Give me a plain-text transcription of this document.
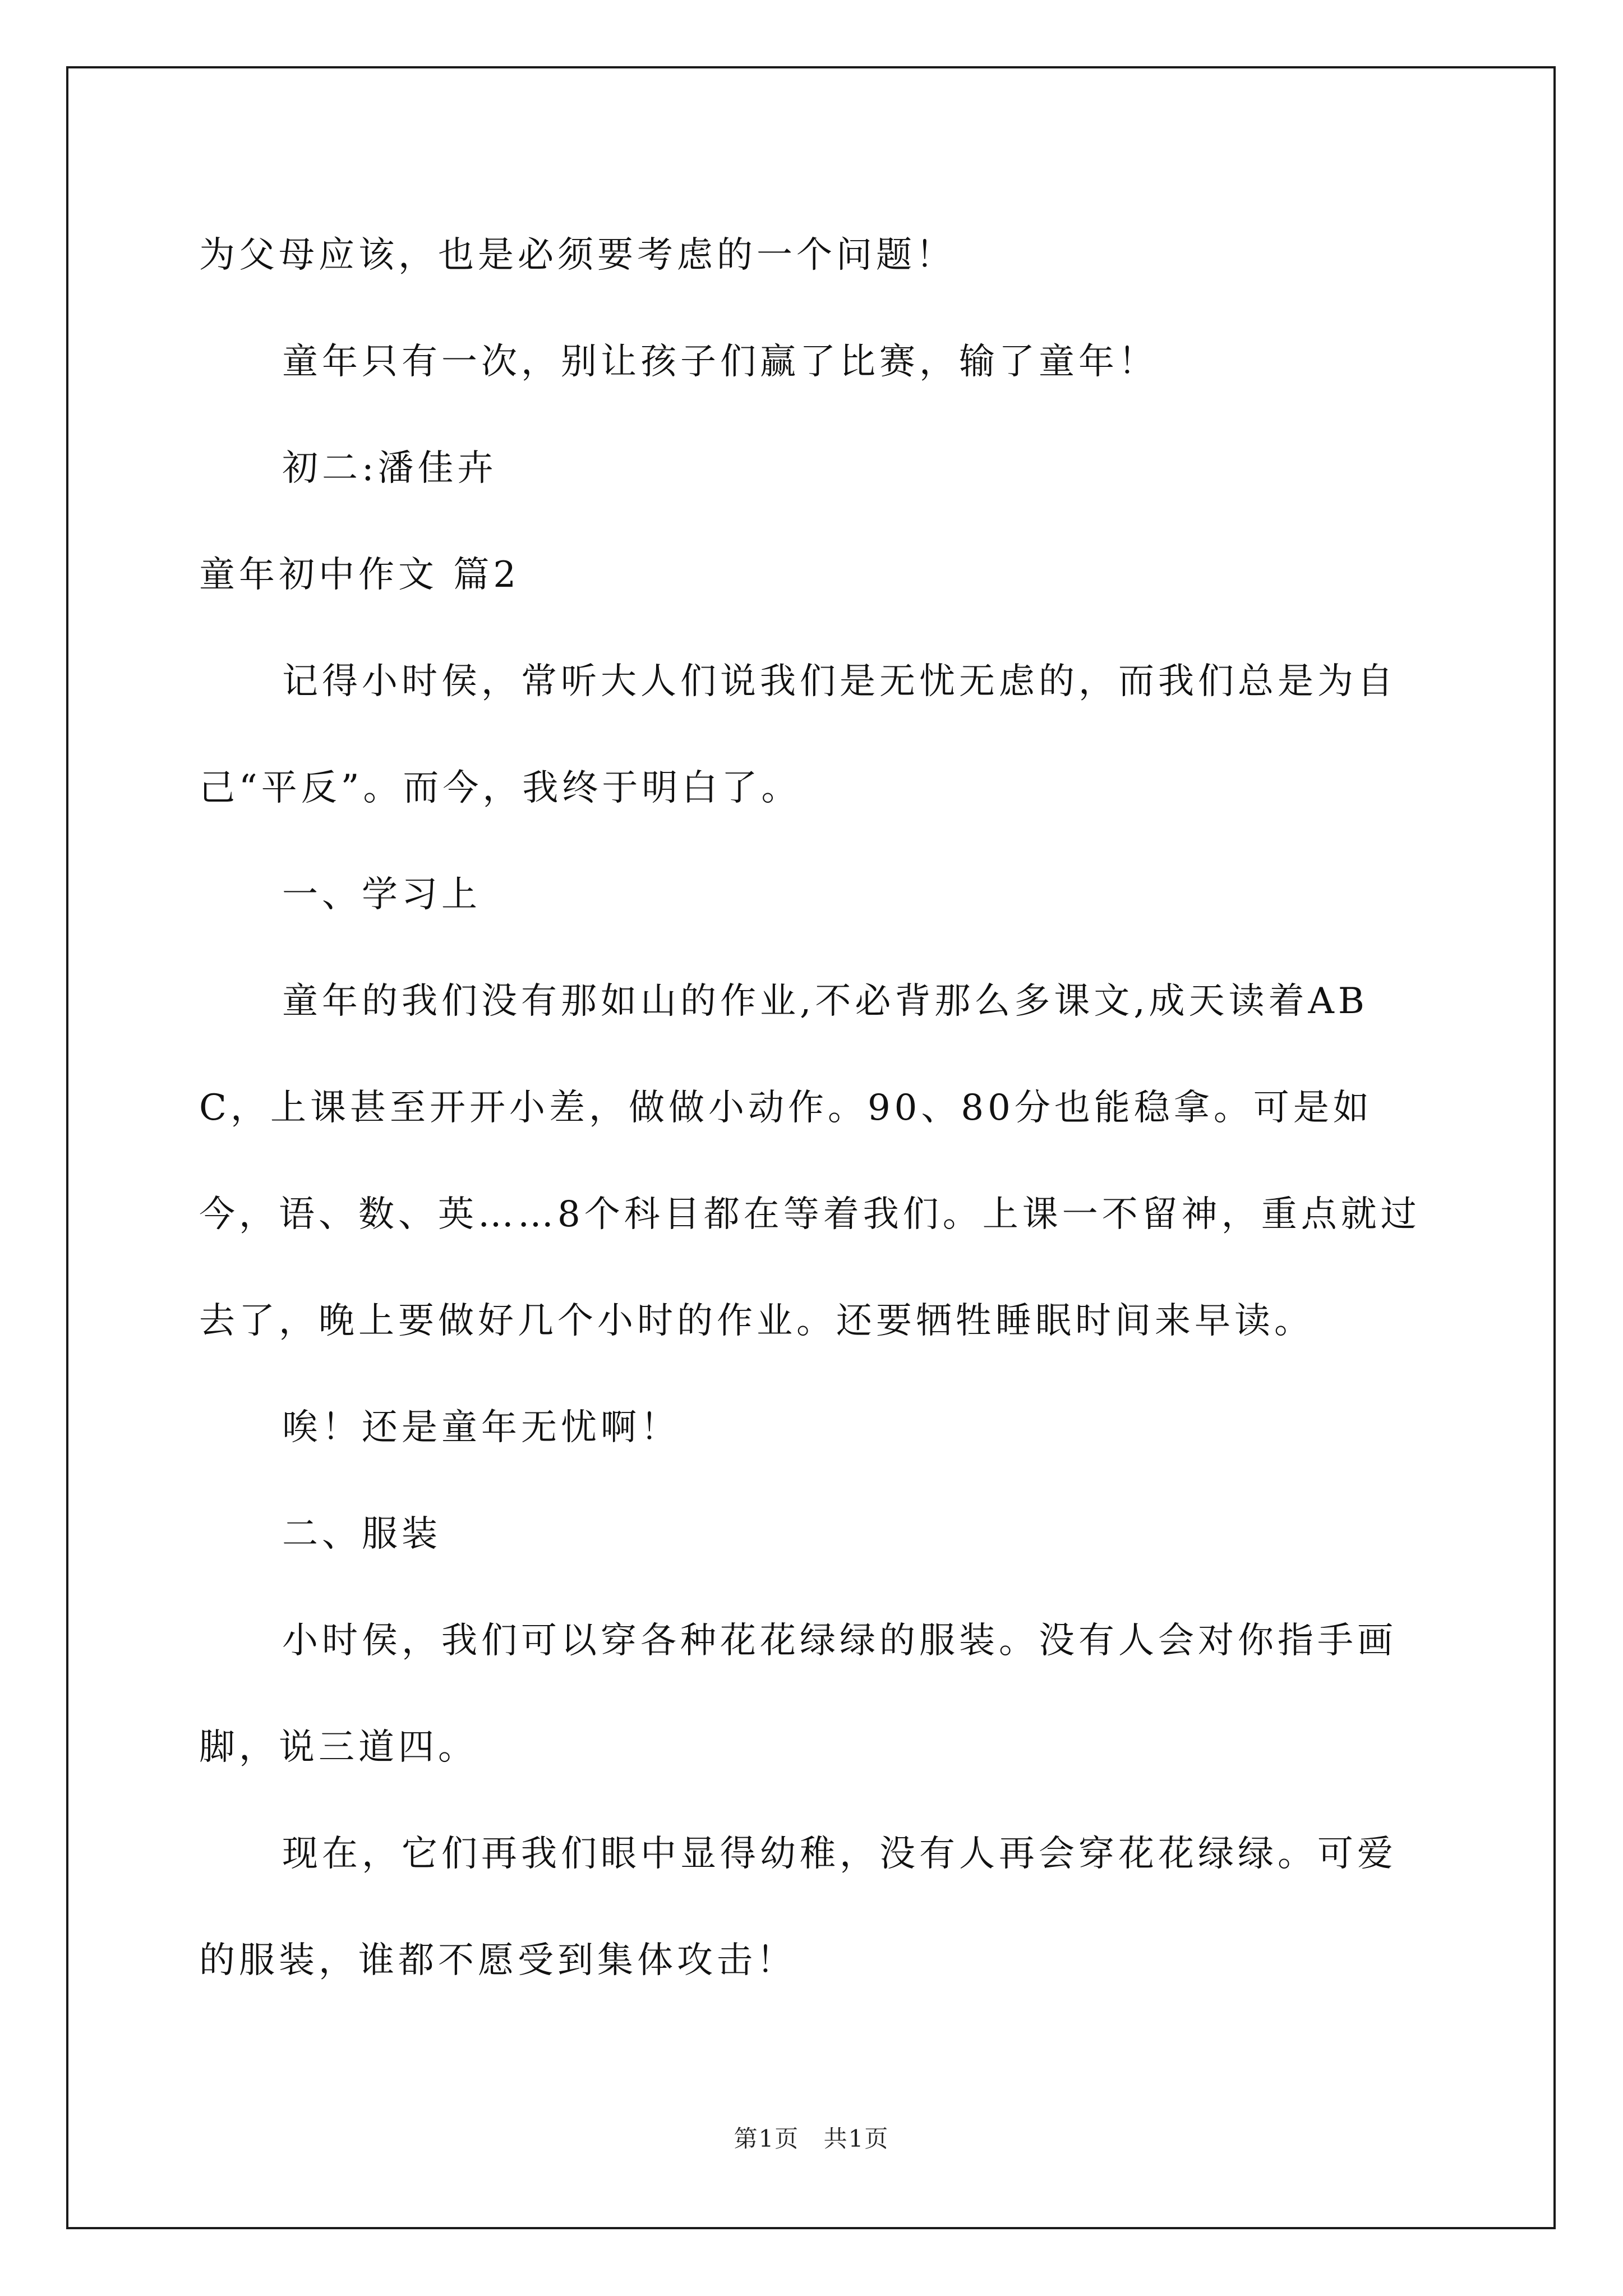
为父母应该，也是必须要考虑的一个问题！

童年只有一次，别让孩子们赢了比赛，输了童年！

初二:潘佳卉

童年初中作文 篇2

记得小时侯，常听大人们说我们是无忧无虑的，而我们总是为自己“平反”。而今，我终于明白了。

一、学习上

童年的我们没有那如山的作业,不必背那么多课文,成天读着ABC，上课甚至开开小差，做做小动作。90、80分也能稳拿。可是如今，语、数、英……8个科目都在等着我们。上课一不留神，重点就过去了，晚上要做好几个小时的作业。还要牺牲睡眠时间来早读。

唉！还是童年无忧啊！

二、服装

小时侯，我们可以穿各种花花绿绿的服装。没有人会对你指手画脚，说三道四。

现在，它们再我们眼中显得幼稚，没有人再会穿花花绿绿。可爱的服装，谁都不愿受到集体攻击！

第1页 共1页
